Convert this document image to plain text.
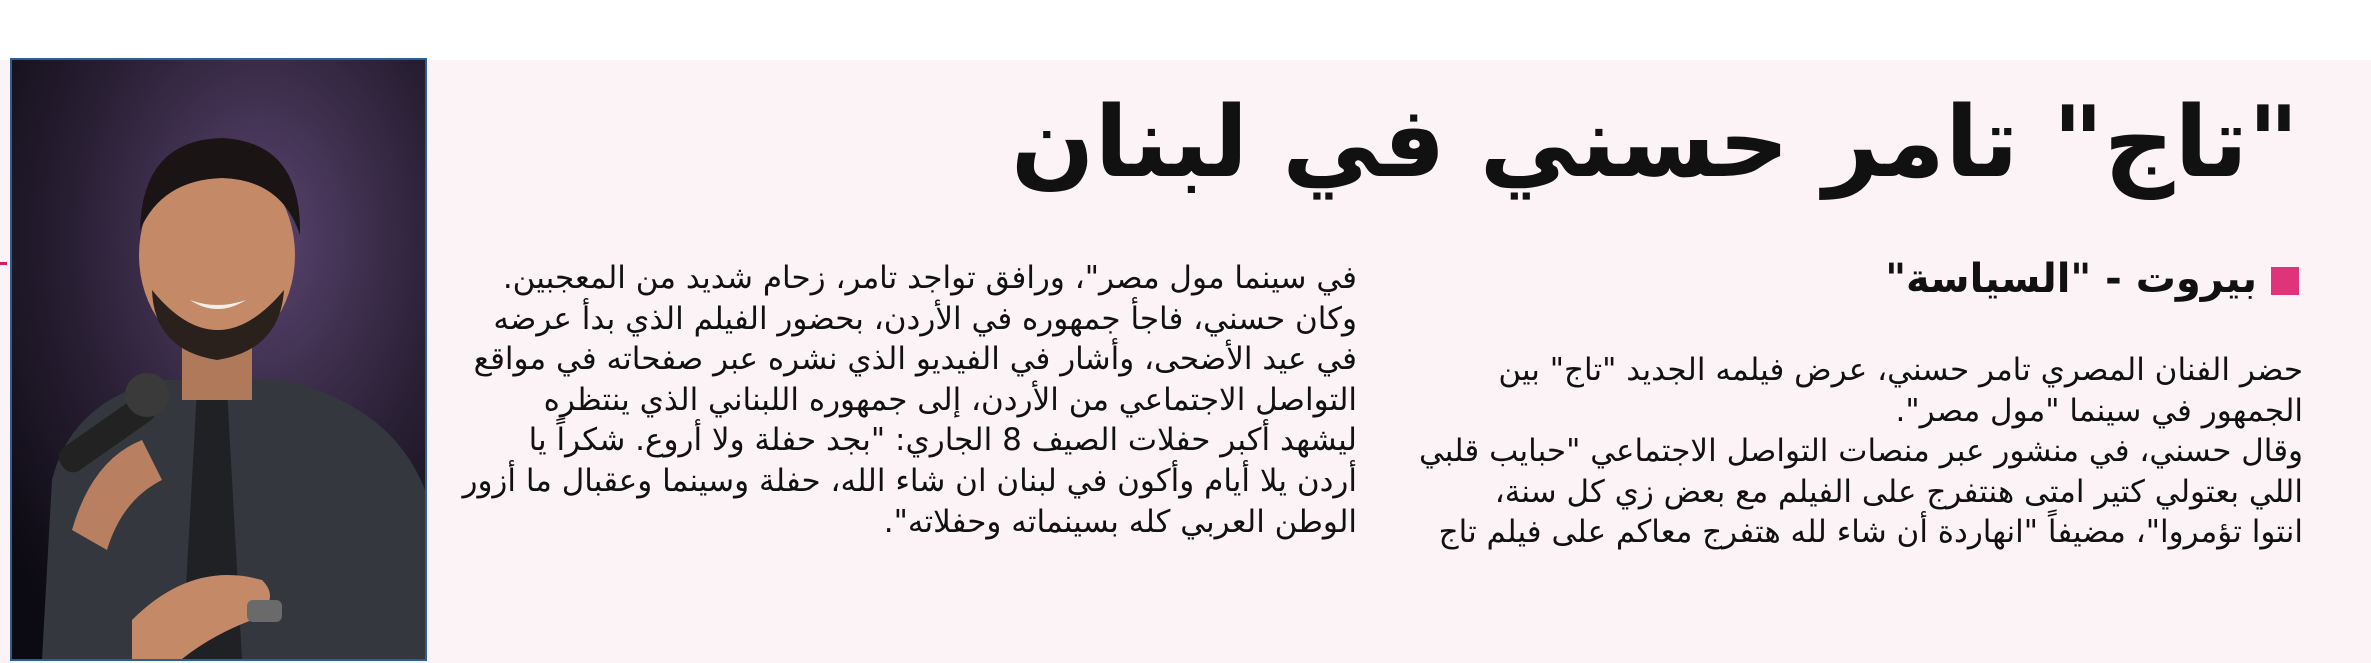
"تاج" تامر حسني في لبنان
بيروت - "السياسة"

حضر الفنان المصري تامر حسني، عرض فيلمه الجديد "تاج" بين

الجمهور في سينما "مول مصر".

وقال حسني، في منشور عبر منصات التواصل الاجتماعي "حبايب قلبي

اللي بعتولي كتير امتى هنتفرج على الفيلم مع بعض زي كل سنة،

انتوا تؤمروا"، مضيفاً "انهاردة أن شاء لله هتفرج معاكم على فيلم تاج

في سينما مول مصر"، ورافق تواجد تامر، زحام شديد من المعجبين.

وكان حسني، فاجأ جمهوره في الأردن، بحضور الفيلم الذي بدأ عرضه

في عيد الأضحى، وأشار في الفيديو الذي نشره عبر صفحاته في مواقع

التواصل الاجتماعي من الأردن، إلى جمهوره اللبناني الذي ينتظره

ليشهد أكبر حفلات الصيف 8 الجاري: "بجد حفلة ولا أروع. شكراً يا

أردن يلا أيام وأكون في لبنان ان شاء الله، حفلة وسينما وعقبال ما أزور

الوطن العربي كله بسينماته وحفلاته".
